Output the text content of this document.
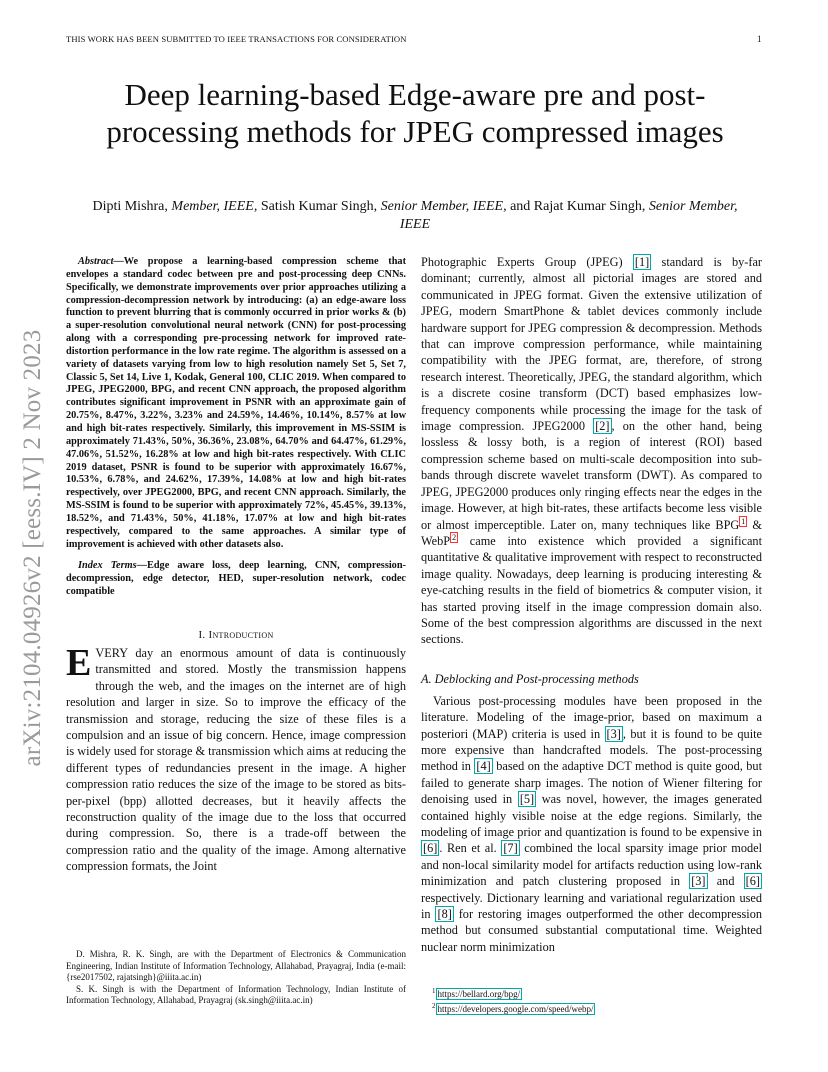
THIS WORK HAS BEEN SUBMITTED TO IEEE TRANSACTIONS FOR CONSIDERATION	1
Deep learning-based Edge-aware pre and post-processing methods for JPEG compressed images
Dipti Mishra, Member, IEEE, Satish Kumar Singh, Senior Member, IEEE, and Rajat Kumar Singh, Senior Member, IEEE
arXiv:2104.04926v2 [eess.IV] 2 Nov 2023

Abstract—We propose a learning-based compression scheme that envelopes a standard codec between pre and post-processing deep CNNs. Specifically, we demonstrate improvements over prior approaches utilizing a compression-decompression network by introducing: (a) an edge-aware loss function to prevent blurring that is commonly occurred in prior works & (b) a super-resolution convolutional neural network (CNN) for post-processing along with a corresponding pre-processing network for improved rate-distortion performance in the low rate regime. The algorithm is assessed on a variety of datasets varying from low to high resolution namely Set 5, Set 7, Classic 5, Set 14, Live 1, Kodak, General 100, CLIC 2019. When compared to JPEG, JPEG2000, BPG, and recent CNN approach, the proposed algorithm contributes significant improvement in PSNR with an approximate gain of 20.75%, 8.47%, 3.22%, 3.23% and 24.59%, 14.46%, 10.14%, 8.57% at low and high bit-rates respectively. Similarly, this improvement in MS-SSIM is approximately 71.43%, 50%, 36.36%, 23.08%, 64.70% and 64.47%, 61.29%, 47.06%, 51.52%, 16.28% at low and high bit-rates respectively. With CLIC 2019 dataset, PSNR is found to be superior with approximately 16.67%, 10.53%, 6.78%, and 24.62%, 17.39%, 14.08% at low and high bit-rates respectively, over JPEG2000, BPG, and recent CNN approach. Similarly, the MS-SSIM is found to be superior with approximately 72%, 45.45%, 39.13%, 18.52%, and 71.43%, 50%, 41.18%, 17.07% at low and high bit-rates respectively, compared to the same approaches. A similar type of improvement is achieved with other datasets also.

Index Terms—Edge aware loss, deep learning, CNN, compression-decompression, edge detector, HED, super-resolution network, codec compatible

I. Introduction

EVERY day an enormous amount of data is continuously transmitted and stored. Mostly the transmission happens through the web, and the images on the internet are of high resolution and larger in size. So to improve the efficacy of the transmission and storage, reducing the size of these files is a compulsion and an issue of big concern. Hence, image compression is widely used for storage & transmission which aims at reducing the different types of redundancies present in the image. A higher compression ratio reduces the size of the image to be stored as bits-per-pixel (bpp) allotted decreases, but it heavily affects the reconstruction quality of the image due to the loss that occurred during compression. So, there is a trade-off between the compression ratio and the quality of the image. Among alternative compression formats, the Joint

D. Mishra, R. K. Singh, are with the Department of Electronics & Communication Engineering, Indian Institute of Information Technology, Allahabad, Prayagraj, India (e-mail: {rse2017502, rajatsingh}@iiita.ac.in)

S. K. Singh is with the Department of Information Technology, Indian Institute of Information Technology, Allahabad, Prayagraj (sk.singh@iiita.ac.in)

Photographic Experts Group (JPEG) [1] standard is by-far dominant; currently, almost all pictorial images are stored and communicated in JPEG format. Given the extensive utilization of JPEG, modern SmartPhone & tablet devices commonly include hardware support for JPEG compression & decompression. Methods that can improve compression performance, while maintaining compatibility with the JPEG format, are, therefore, of strong research interest. Theoretically, JPEG, the standard algorithm, which is a discrete cosine transform (DCT) based emphasizes low-frequency components while processing the image for the task of image compression. JPEG2000 [2] , on the other hand, being lossless & lossy both, is a region of interest (ROI) based compression scheme based on multi-scale decomposition into sub-bands through discrete wavelet transform (DWT). As compared to JPEG, JPEG2000 produces only ringing effects near the edges in the image. However, at high bit-rates, these artifacts become less visible or almost imperceptible. Later on, many techniques like BPG $^1$ & WebP $^2$ came into existence which provided a significant quantitative & qualitative improvement with respect to reconstructed image quality. Nowadays, deep learning is producing interesting & eye-catching results in the field of biometrics & computer vision, it has started proving itself in the image compression domain also. Some of the best compression algorithms are discussed in the next sections.

A. Deblocking and Post-processing methods

Various post-processing modules have been proposed in the literature. Modeling of the image-prior, based on maximum a posteriori (MAP) criteria is used in [3] , but it is found to be quite more expensive than handcrafted models. The post-processing method in [4] based on the adaptive DCT method is quite good, but failed to generate sharp images. The notion of Wiener filtering for denoising used in [5] was novel, however, the images generated contained highly visible noise at the edge regions. Similarly, the modeling of image prior and quantization is found to be expensive in [6] . Ren et al. [7] combined the local sparsity image prior model and non-local similarity model for artifacts reduction using low-rank minimization and patch clustering proposed in [3] and [6] respectively. Dictionary learning and variational regularization used in [8] for restoring images outperformed the other decompression method but consumed substantial computational time. Weighted nuclear norm minimization

$^1$ https://bellard.org/bpg/
$^2$ https://developers.google.com/speed/webp/
